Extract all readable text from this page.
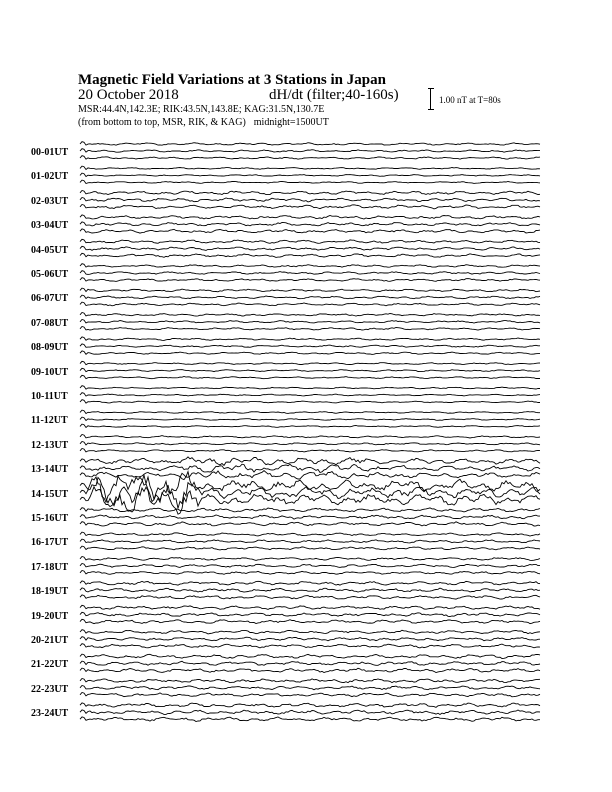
Magnetic Field Variations at 3 Stations in Japan
20 October 2018	dH/dt (filter;40-160s)
MSR:44.4N,142.3E; RIK:43.5N,143.8E; KAG:31.5N,130.7E
(from bottom to top, MSR, RIK, & KAG) midnight=1500UT
1.00 nT at T=80s
00-01UT
01-02UT
02-03UT
03-04UT
04-05UT
05-06UT
06-07UT
07-08UT
08-09UT
09-10UT
10-11UT
11-12UT
12-13UT
13-14UT
14-15UT
15-16UT
16-17UT
17-18UT
18-19UT
19-20UT
20-21UT
21-22UT
22-23UT
23-24UT
